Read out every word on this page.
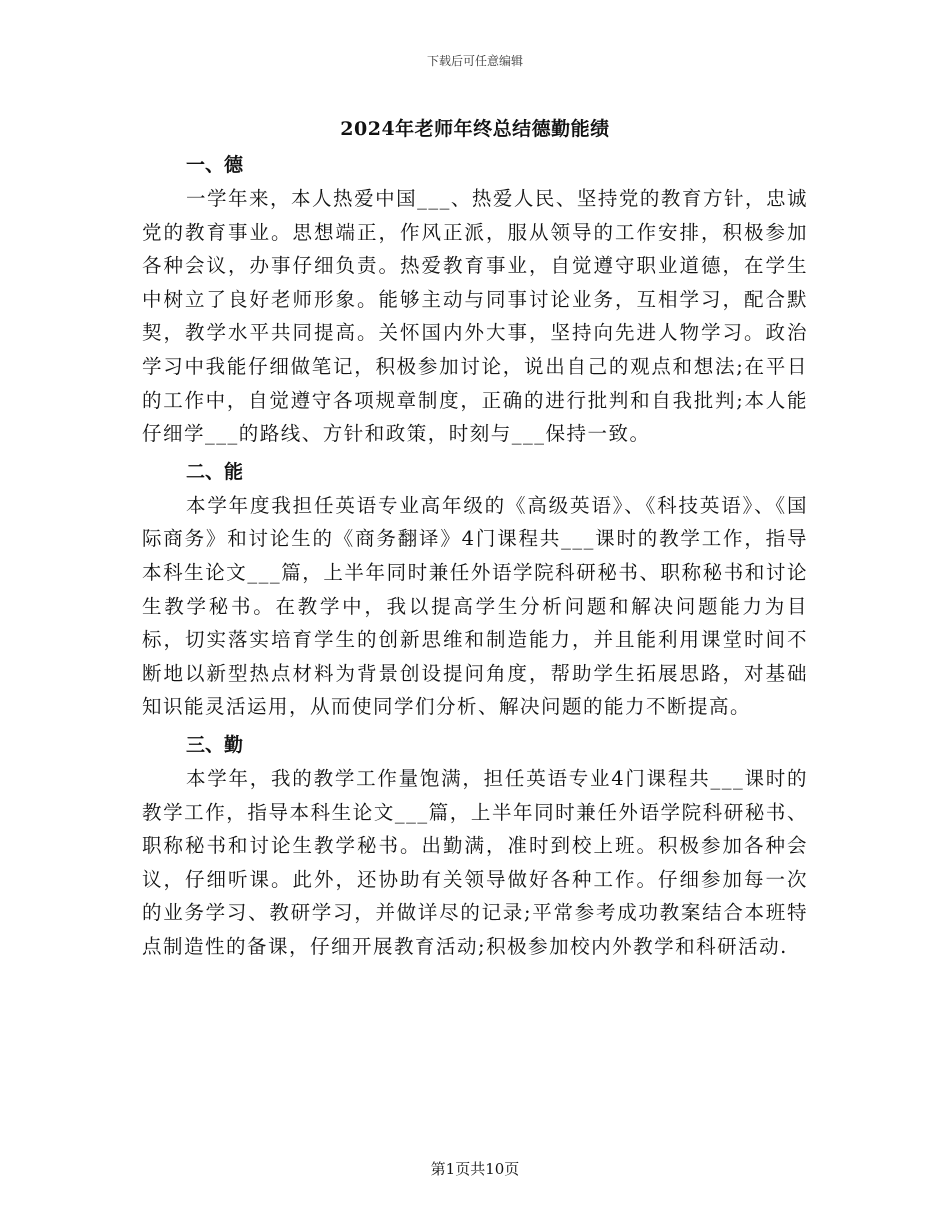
下载后可任意编辑
2024年老师年终总结德勤能绩

一、德

一学年来，本人热爱中国___、热爱人民、坚持党的教育方针，忠诚党的教育事业。思想端正，作风正派，服从领导的工作安排，积极参加各种会议，办事仔细负责。热爱教育事业，自觉遵守职业道德，在学生中树立了良好老师形象。能够主动与同事讨论业务，互相学习，配合默契，教学水平共同提高。关怀国内外大事，坚持向先进人物学习。政治学习中我能仔细做笔记，积极参加讨论，说出自己的观点和想法;在平日的工作中，自觉遵守各项规章制度，正确的进行批判和自我批判;本人能仔细学___的路线、方针和政策，时刻与___保持一致。

二、能

本学年度我担任英语专业高年级的《高级英语》、《科技英语》、《国际商务》和讨论生的《商务翻译》4门课程共___课时的教学工作，指导本科生论文___篇，上半年同时兼任外语学院科研秘书、职称秘书和讨论生教学秘书。在教学中，我以提高学生分析问题和解决问题能力为目标，切实落实培育学生的创新思维和制造能力，并且能利用课堂时间不断地以新型热点材料为背景创设提问角度，帮助学生拓展思路，对基础知识能灵活运用，从而使同学们分析、解决问题的能力不断提高。

三、勤

本学年，我的教学工作量饱满，担任英语专业4门课程共___课时的教学工作，指导本科生论文___篇，上半年同时兼任外语学院科研秘书、职称秘书和讨论生教学秘书。出勤满，准时到校上班。积极参加各种会议，仔细听课。此外，还协助有关领导做好各种工作。仔细参加每一次的业务学习、教研学习，并做详尽的记录;平常参考成功教案结合本班特点制造性的备课，仔细开展教育活动;积极参加校内外教学和科研活动.

第1页共10页
